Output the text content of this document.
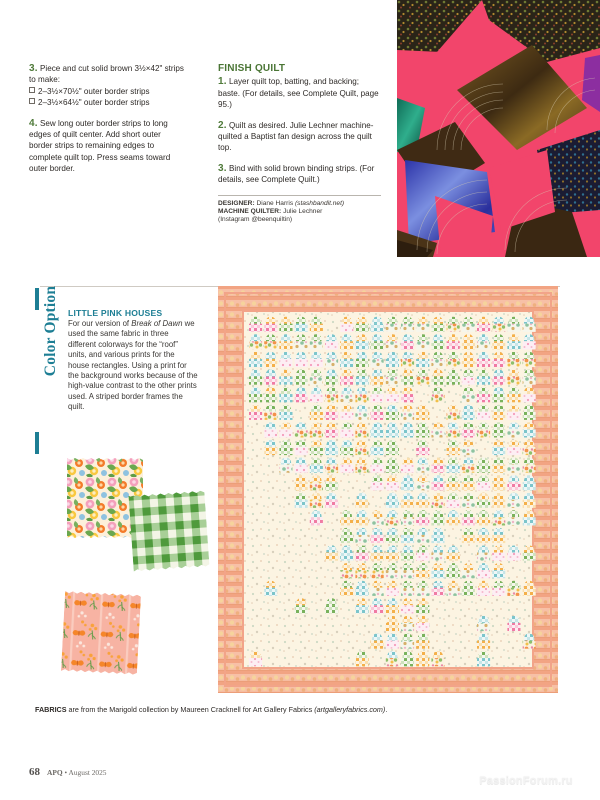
3. Piece and cut solid brown 3½×42" strips to make:

2–3½×70½" outer border strips
2–3½×64½" outer border strips

4. Sew long outer border strips to long edges of quilt center. Add short outer border strips to remaining edges to complete quilt top. Press seams toward outer border.

FINISH QUILT

1. Layer quilt top, batting, and backing; baste. (For details, see Complete Quilt, page 95.)

2. Quilt as desired. Julie Lechner machine-quilted a Baptist fan design across the quilt top.

3. Bind with solid brown binding strips. (For details, see Complete Quilt.)

DESIGNER: Diane Harris (stashbandit.net)
MACHINE QUILTER: Julie Lechner
(Instagram @beenquiltin)
Color Option LITTLE PINK HOUSES
For our version of Break of Dawn we used the same fabric in three different colorways for the “roof” units, and various prints for the house rectangles. Using a print for the background works because of the high-value contrast to the other prints used. A striped border frames the quilt.
FABRICS are from the Marigold collection by Maureen Cracknell for Art Gallery Fabrics (artgalleryfabrics.com).
68 APQ • August 2025
PassionForum.ru
